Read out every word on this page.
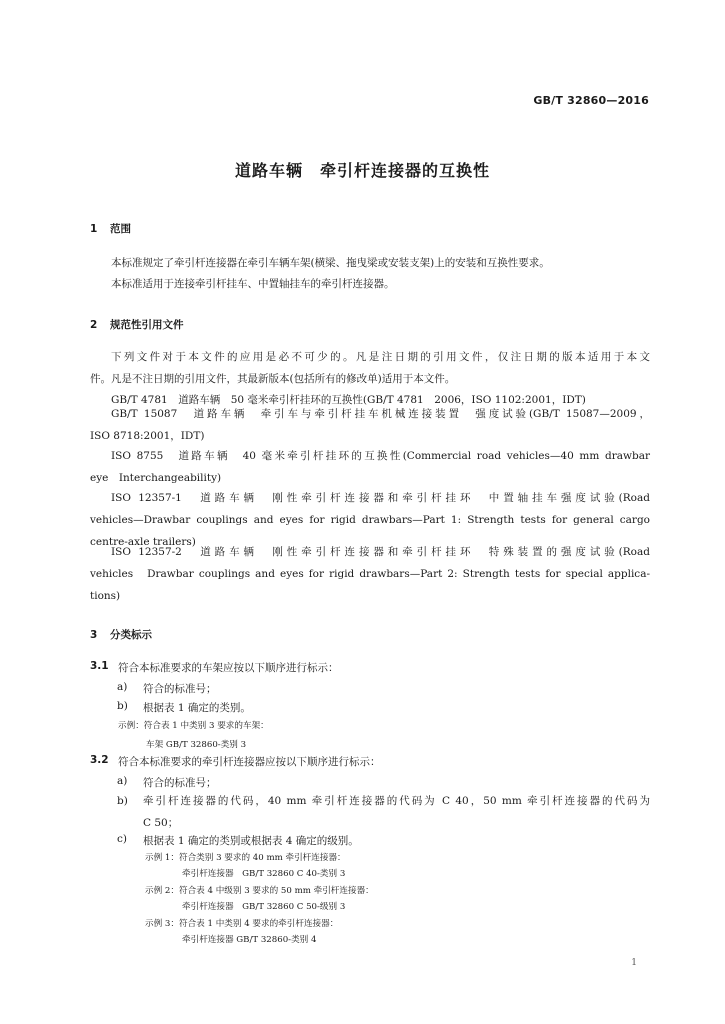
GB/T 32860—2016
道路车辆　牵引杆连接器的互换性
1 范围
本标准规定了牵引杆连接器在牵引车辆车架(横梁、拖曳梁或安装支架)上的安装和互换性要求。
本标准适用于连接牵引杆挂车、中置轴挂车的牵引杆连接器。
2 规范性引用文件
下列文件对于本文件的应用是必不可少的。凡是注日期的引用文件，仅注日期的版本适用于本文
件。凡是不注日期的引用文件，其最新版本(包括所有的修改单)适用于本文件。
GB/T 4781　道路车辆　50 毫米牵引杆挂环的互换性(GB/T 4781　2006，ISO 1102:2001，IDT)
GB/T 15087　道路车辆　牵引车与牵引杆挂车机械连接装置　强度试验(GB/T 15087—2009，
ISO 8718:2001，IDT)
ISO 8755　道路车辆　40 毫米牵引杆挂环的互换性(Commercial road vehicles—40 mm drawbar
eye　Interchangeability)
ISO 12357-1　道路车辆　刚性牵引杆连接器和牵引杆挂环　中置轴挂车强度试验(Road
vehicles—Drawbar couplings and eyes for rigid drawbars—Part 1: Strength tests for general cargo
centre-axle trailers)
ISO 12357-2　道路车辆　刚性牵引杆连接器和牵引杆挂环　特殊装置的强度试验(Road
vehicles　Drawbar couplings and eyes for rigid drawbars—Part 2: Strength tests for special applica-
tions)
3 分类标示
3.1 符合本标准要求的车架应按以下顺序进行标示：
a) 符合的标准号；
b) 根据表 1 确定的类别。
示例：符合表 1 中类别 3 要求的车架：
车架 GB/T 32860-类别 3
3.2 符合本标准要求的牵引杆连接器应按以下顺序进行标示：
a) 符合的标准号；
b) 牵引杆连接器的代码，40 mm 牵引杆连接器的代码为 C 40，50 mm 牵引杆连接器的代码为
C 50；
c) 根据表 1 确定的类别或根据表 4 确定的级别。
示例 1：符合类别 3 要求的 40 mm 牵引杆连接器：
牵引杆连接器　GB/T 32860 C 40-类别 3
示例 2：符合表 4 中级别 3 要求的 50 mm 牵引杆连接器：
牵引杆连接器　GB/T 32860 C 50-级别 3
示例 3：符合表 1 中类别 4 要求的牵引杆连接器：
牵引杆连接器 GB/T 32860-类别 4
1
